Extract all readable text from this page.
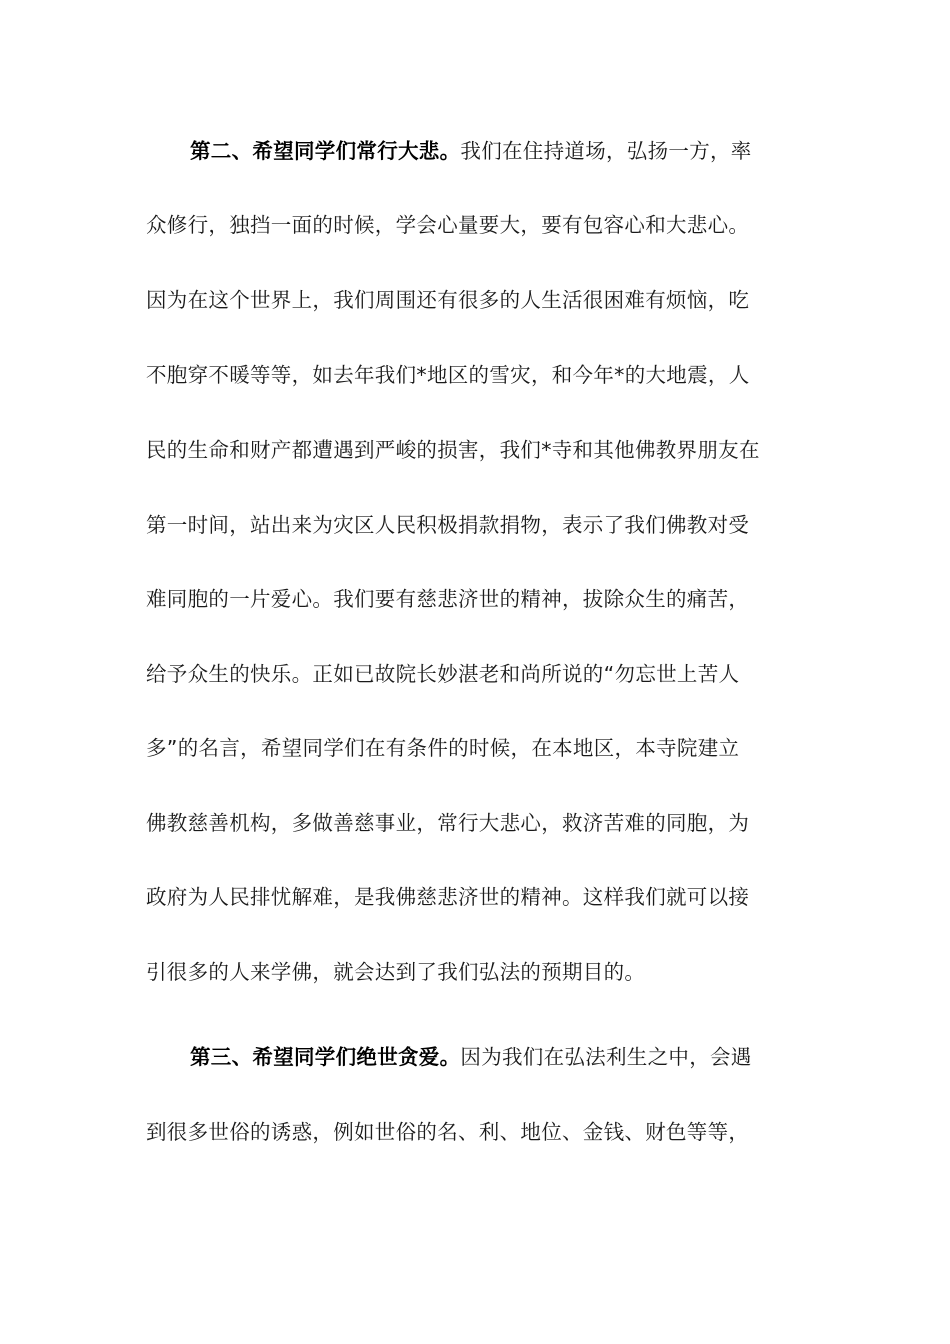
第二、希望同学们常行大悲。我们在住持道场，弘扬一方，率
众修行，独挡一面的时候，学会心量要大，要有包容心和大悲心。
因为在这个世界上，我们周围还有很多的人生活很困难有烦恼，吃
不胞穿不暖等等，如去年我们*地区的雪灾，和今年*的大地震，人
民的生命和财产都遭遇到严峻的损害，我们*寺和其他佛教界朋友在
第一时间，站出来为灾区人民积极捐款捐物，表示了我们佛教对受
难同胞的一片爱心。我们要有慈悲济世的精神，拔除众生的痛苦，
给予众生的快乐。正如已故院长妙湛老和尚所说的“勿忘世上苦人
多”的名言，希望同学们在有条件的时候，在本地区，本寺院建立
佛教慈善机构，多做善慈事业，常行大悲心，救济苦难的同胞，为
政府为人民排忧解难，是我佛慈悲济世的精神。这样我们就可以接
引很多的人来学佛，就会达到了我们弘法的预期目的。
第三、希望同学们绝世贪爱。因为我们在弘法利生之中，会遇
到很多世俗的诱惑，例如世俗的名、利、地位、金钱、财色等等，
